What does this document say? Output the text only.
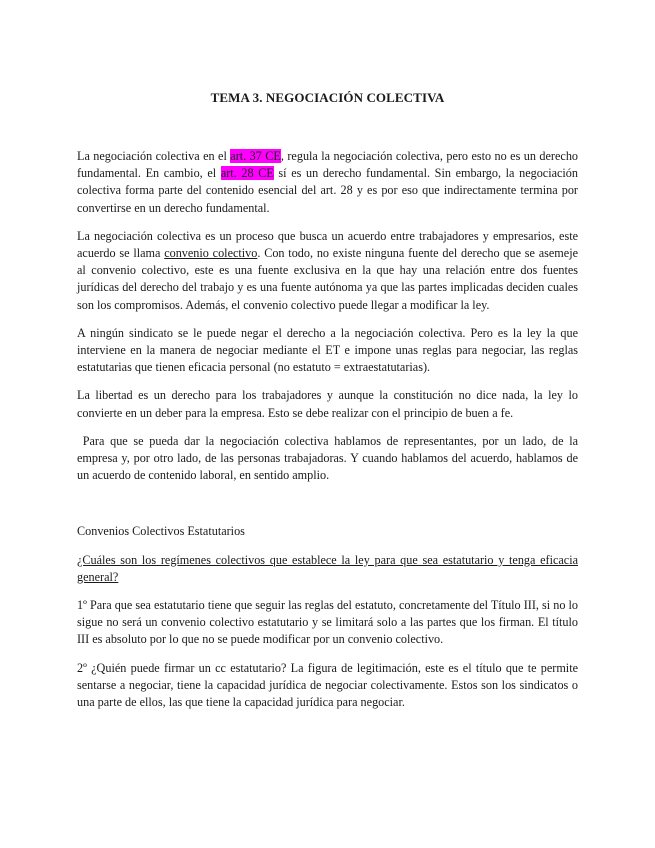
TEMA 3. NEGOCIACIÓN COLECTIVA

La negociación colectiva en el art. 37 CE, regula la negociación colectiva, pero esto no es un derecho fundamental. En cambio, el art. 28 CE sí es un derecho fundamental. Sin embargo, la negociación colectiva forma parte del contenido esencial del art. 28 y es por eso que indirectamente termina por convertirse en un derecho fundamental.

La negociación colectiva es un proceso que busca un acuerdo entre trabajadores y empresarios, este acuerdo se llama convenio colectivo. Con todo, no existe ninguna fuente del derecho que se asemeje al convenio colectivo, este es una fuente exclusiva en la que hay una relación entre dos fuentes jurídicas del derecho del trabajo y es una fuente autónoma ya que las partes implicadas deciden cuales son los compromisos. Además, el convenio colectivo puede llegar a modificar la ley.

A ningún sindicato se le puede negar el derecho a la negociación colectiva. Pero es la ley la que interviene en la manera de negociar mediante el ET e impone unas reglas para negociar, las reglas estatutarias que tienen eficacia personal (no estatuto = extraestatutarias).

La libertad es un derecho para los trabajadores y aunque la constitución no dice nada, la ley lo convierte en un deber para la empresa. Esto se debe realizar con el principio de buen a fe.

Para que se pueda dar la negociación colectiva hablamos de representantes, por un lado, de la empresa y, por otro lado, de las personas trabajadoras. Y cuando hablamos del acuerdo, hablamos de un acuerdo de contenido laboral, en sentido amplio.

Convenios Colectivos Estatutarios

¿Cuáles son los regímenes colectivos que establece la ley para que sea estatutario y tenga eficacia general?

1º Para que sea estatutario tiene que seguir las reglas del estatuto, concretamente del Título III, si no lo sigue no será un convenio colectivo estatutario y se limitará solo a las partes que los firman. El título III es absoluto por lo que no se puede modificar por un convenio colectivo.

2º ¿Quién puede firmar un cc estatutario? La figura de legitimación, este es el título que te permite sentarse a negociar, tiene la capacidad jurídica de negociar colectivamente. Estos son los sindicatos o una parte de ellos, las que tiene la capacidad jurídica para negociar.
